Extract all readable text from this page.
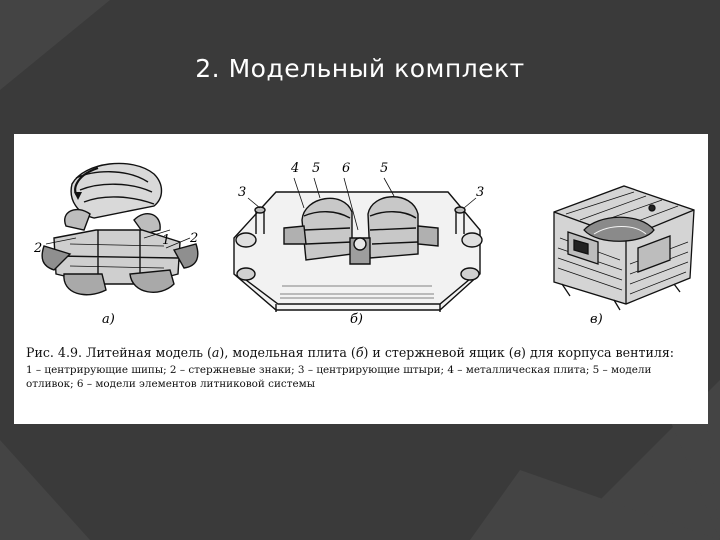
2. Модельный комплект
1
2
2
4 5 6 5
3	3
а)	б)	в)
Рис. 4.9. Литейная модель (а), модельная плита (б) и стержневой ящик (в) для корпуса вентиля:
1 – центрирующие шипы; 2 – стержневые знаки; 3 – центрирующие штыри; 4 – металлическая плита; 5 – модели отливок; 6 – модели элементов литниковой системы
